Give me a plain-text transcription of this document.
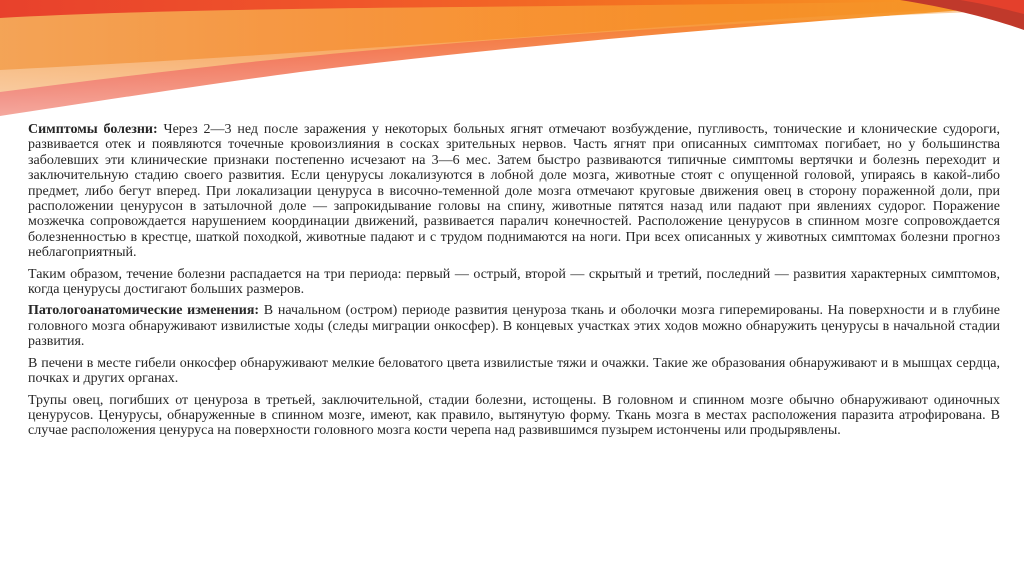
Симптомы болезни: Через 2—3 нед после заражения у некоторых больных ягнят отмечают возбуждение, пугливость, тонические и клонические судороги, развивается отек и появляются точечные кровоизлияния в сосках зрительных нервов. Часть ягнят при описанных симптомах погибает, но у большинства заболевших эти клинические признаки постепенно исчезают на 3—6 мес. Затем быстро развиваются типичные симптомы вертячки и болезнь переходит и заключительную стадию своего развития. Если ценурусы локализуются в лобной доле мозга, животные стоят с опущенной головой, упираясь в какой-либо предмет, либо бегут вперед. При локализации ценуруса в височно-теменной доле мозга отмечают круговые движения овец в сторону пораженной доли, при расположении ценурусон в затылочной доле — запрокидывание головы на спину, животные пятятся назад или падают при явлениях судорог. Поражение мозжечка сопровождается нарушением координации движений, развивается паралич конечностей. Расположение ценурусов в спинном мозге сопровождается болезненностью в крестце, шаткой походкой, животные падают и с трудом поднимаются на ноги. При всех описанных у животных симптомах болезни прогноз неблагоприятный.

Таким образом, течение болезни распадается на три периода: первый — острый, второй — скрытый и третий, последний — развития характерных симптомов, когда ценурусы достигают больших размеров.

Патологоанатомические изменения: В начальном (остром) периоде развития ценуроза ткань и оболочки мозга гиперемированы. На поверхности и в глубине головного мозга обнаруживают извилистые ходы (следы миграции онкосфер). В концевых участках этих ходов можно обнаружить ценурусы в начальной стадии развития.

В печени в месте гибели онкосфер обнаруживают мелкие беловатого цвета извилистые тяжи и очажки. Такие же образования обнаруживают и в мышцах сердца, почках и других органах.

Трупы овец, погибших от ценуроза в третьей, заключительной, стадии болезни, истощены. В головном и спинном мозге обычно обнаруживают одиночных ценурусов. Ценурусы, обнаруженные в спинном мозге, имеют, как правило, вытянутую форму. Ткань мозга в местах расположения паразита атрофирована. В случае расположения ценуруса на поверхности головного мозга кости черепа над развившимся пузырем истончены или продырявлены.
